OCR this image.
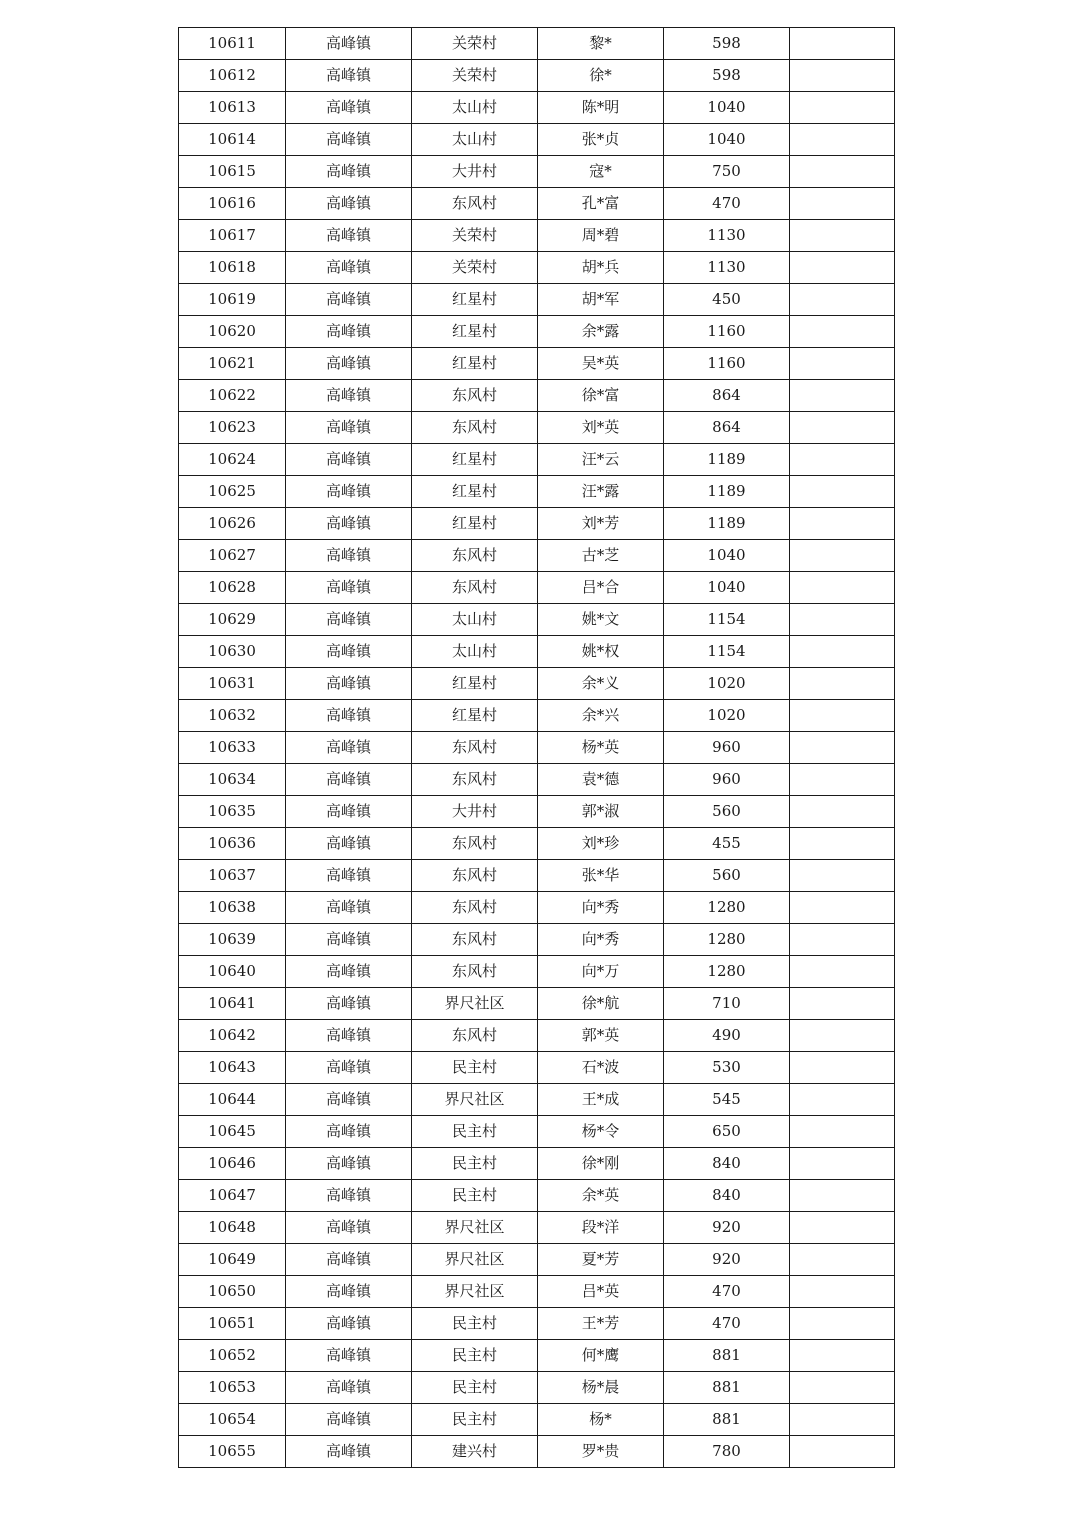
10611	高峰镇	关荣村	黎*	598	
10612	高峰镇	关荣村	徐*	598	
10613	高峰镇	太山村	陈*明	1040	
10614	高峰镇	太山村	张*贞	1040	
10615	高峰镇	大井村	寇*	750	
10616	高峰镇	东风村	孔*富	470	
10617	高峰镇	关荣村	周*碧	1130	
10618	高峰镇	关荣村	胡*兵	1130	
10619	高峰镇	红星村	胡*军	450	
10620	高峰镇	红星村	余*露	1160	
10621	高峰镇	红星村	吴*英	1160	
10622	高峰镇	东风村	徐*富	864	
10623	高峰镇	东风村	刘*英	864	
10624	高峰镇	红星村	汪*云	1189	
10625	高峰镇	红星村	汪*露	1189	
10626	高峰镇	红星村	刘*芳	1189	
10627	高峰镇	东风村	古*芝	1040	
10628	高峰镇	东风村	吕*合	1040	
10629	高峰镇	太山村	姚*文	1154	
10630	高峰镇	太山村	姚*权	1154	
10631	高峰镇	红星村	余*义	1020	
10632	高峰镇	红星村	余*兴	1020	
10633	高峰镇	东风村	杨*英	960	
10634	高峰镇	东风村	袁*德	960	
10635	高峰镇	大井村	郭*淑	560	
10636	高峰镇	东风村	刘*珍	455	
10637	高峰镇	东风村	张*华	560	
10638	高峰镇	东风村	向*秀	1280	
10639	高峰镇	东风村	向*秀	1280	
10640	高峰镇	东风村	向*万	1280	
10641	高峰镇	界尺社区	徐*航	710	
10642	高峰镇	东风村	郭*英	490	
10643	高峰镇	民主村	石*波	530	
10644	高峰镇	界尺社区	王*成	545	
10645	高峰镇	民主村	杨*令	650	
10646	高峰镇	民主村	徐*刚	840	
10647	高峰镇	民主村	余*英	840	
10648	高峰镇	界尺社区	段*洋	920	
10649	高峰镇	界尺社区	夏*芳	920	
10650	高峰镇	界尺社区	吕*英	470	
10651	高峰镇	民主村	王*芳	470	
10652	高峰镇	民主村	何*鹰	881	
10653	高峰镇	民主村	杨*晨	881	
10654	高峰镇	民主村	杨*	881	
10655	高峰镇	建兴村	罗*贵	780	
